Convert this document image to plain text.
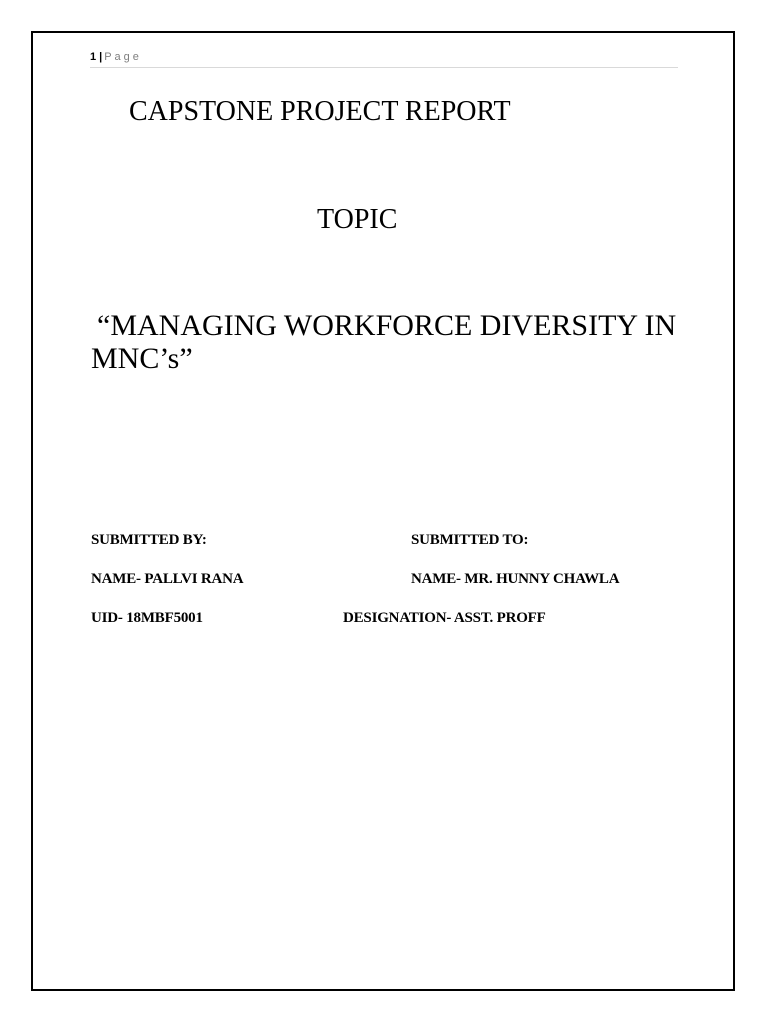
1 | Page
CAPSTONE PROJECT REPORT
TOPIC
“MANAGING WORKFORCE DIVERSITY IN MNC’s”
SUBMITTED BY:	SUBMITTED TO:
NAME- PALLVI RANA	NAME- MR. HUNNY CHAWLA
UID- 18MBF5001	DESIGNATION- ASST. PROFF
